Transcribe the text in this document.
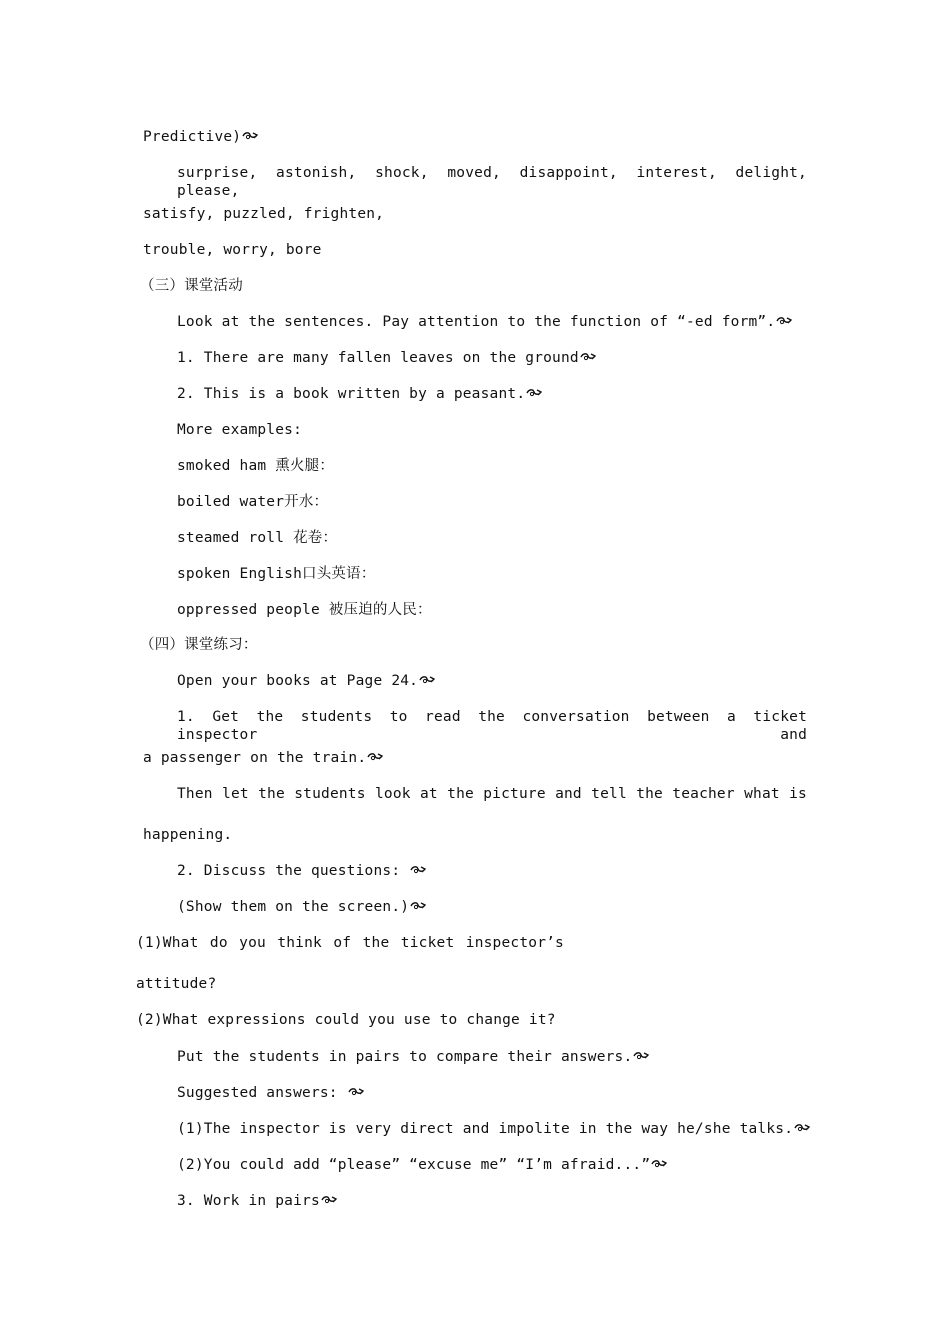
Predictive)
surprise, astonish, shock, moved, disappoint, interest, delight, please,
satisfy, puzzled, frighten,
trouble, worry, bore
（三）课堂活动
Look at the sentences. Pay attention to the function of “-ed form”.
1. There are many fallen leaves on the ground
2. This is a book written by a peasant.
More examples:
smoked ham 熏火腿：
boiled water开水：
steamed roll 花卷：
spoken English口头英语：
oppressed people 被压迫的人民：
（四）课堂练习：
Open your books at Page 24.
1. Get the students to read the conversation between a ticket inspector and
a passenger on the train.
Then let the students look at the picture and tell the teacher what is
happening.
2. Discuss the questions:
(Show them on the screen.)
(1)What do you think of the ticket inspector’s
attitude?
(2)What expressions could you use to change it?
Put the students in pairs to compare their answers.
Suggested answers:
(1)The inspector is very direct and impolite in the way he/she talks.
(2)You could add “please” “excuse me” “I’m afraid...”
3. Work in pairs
